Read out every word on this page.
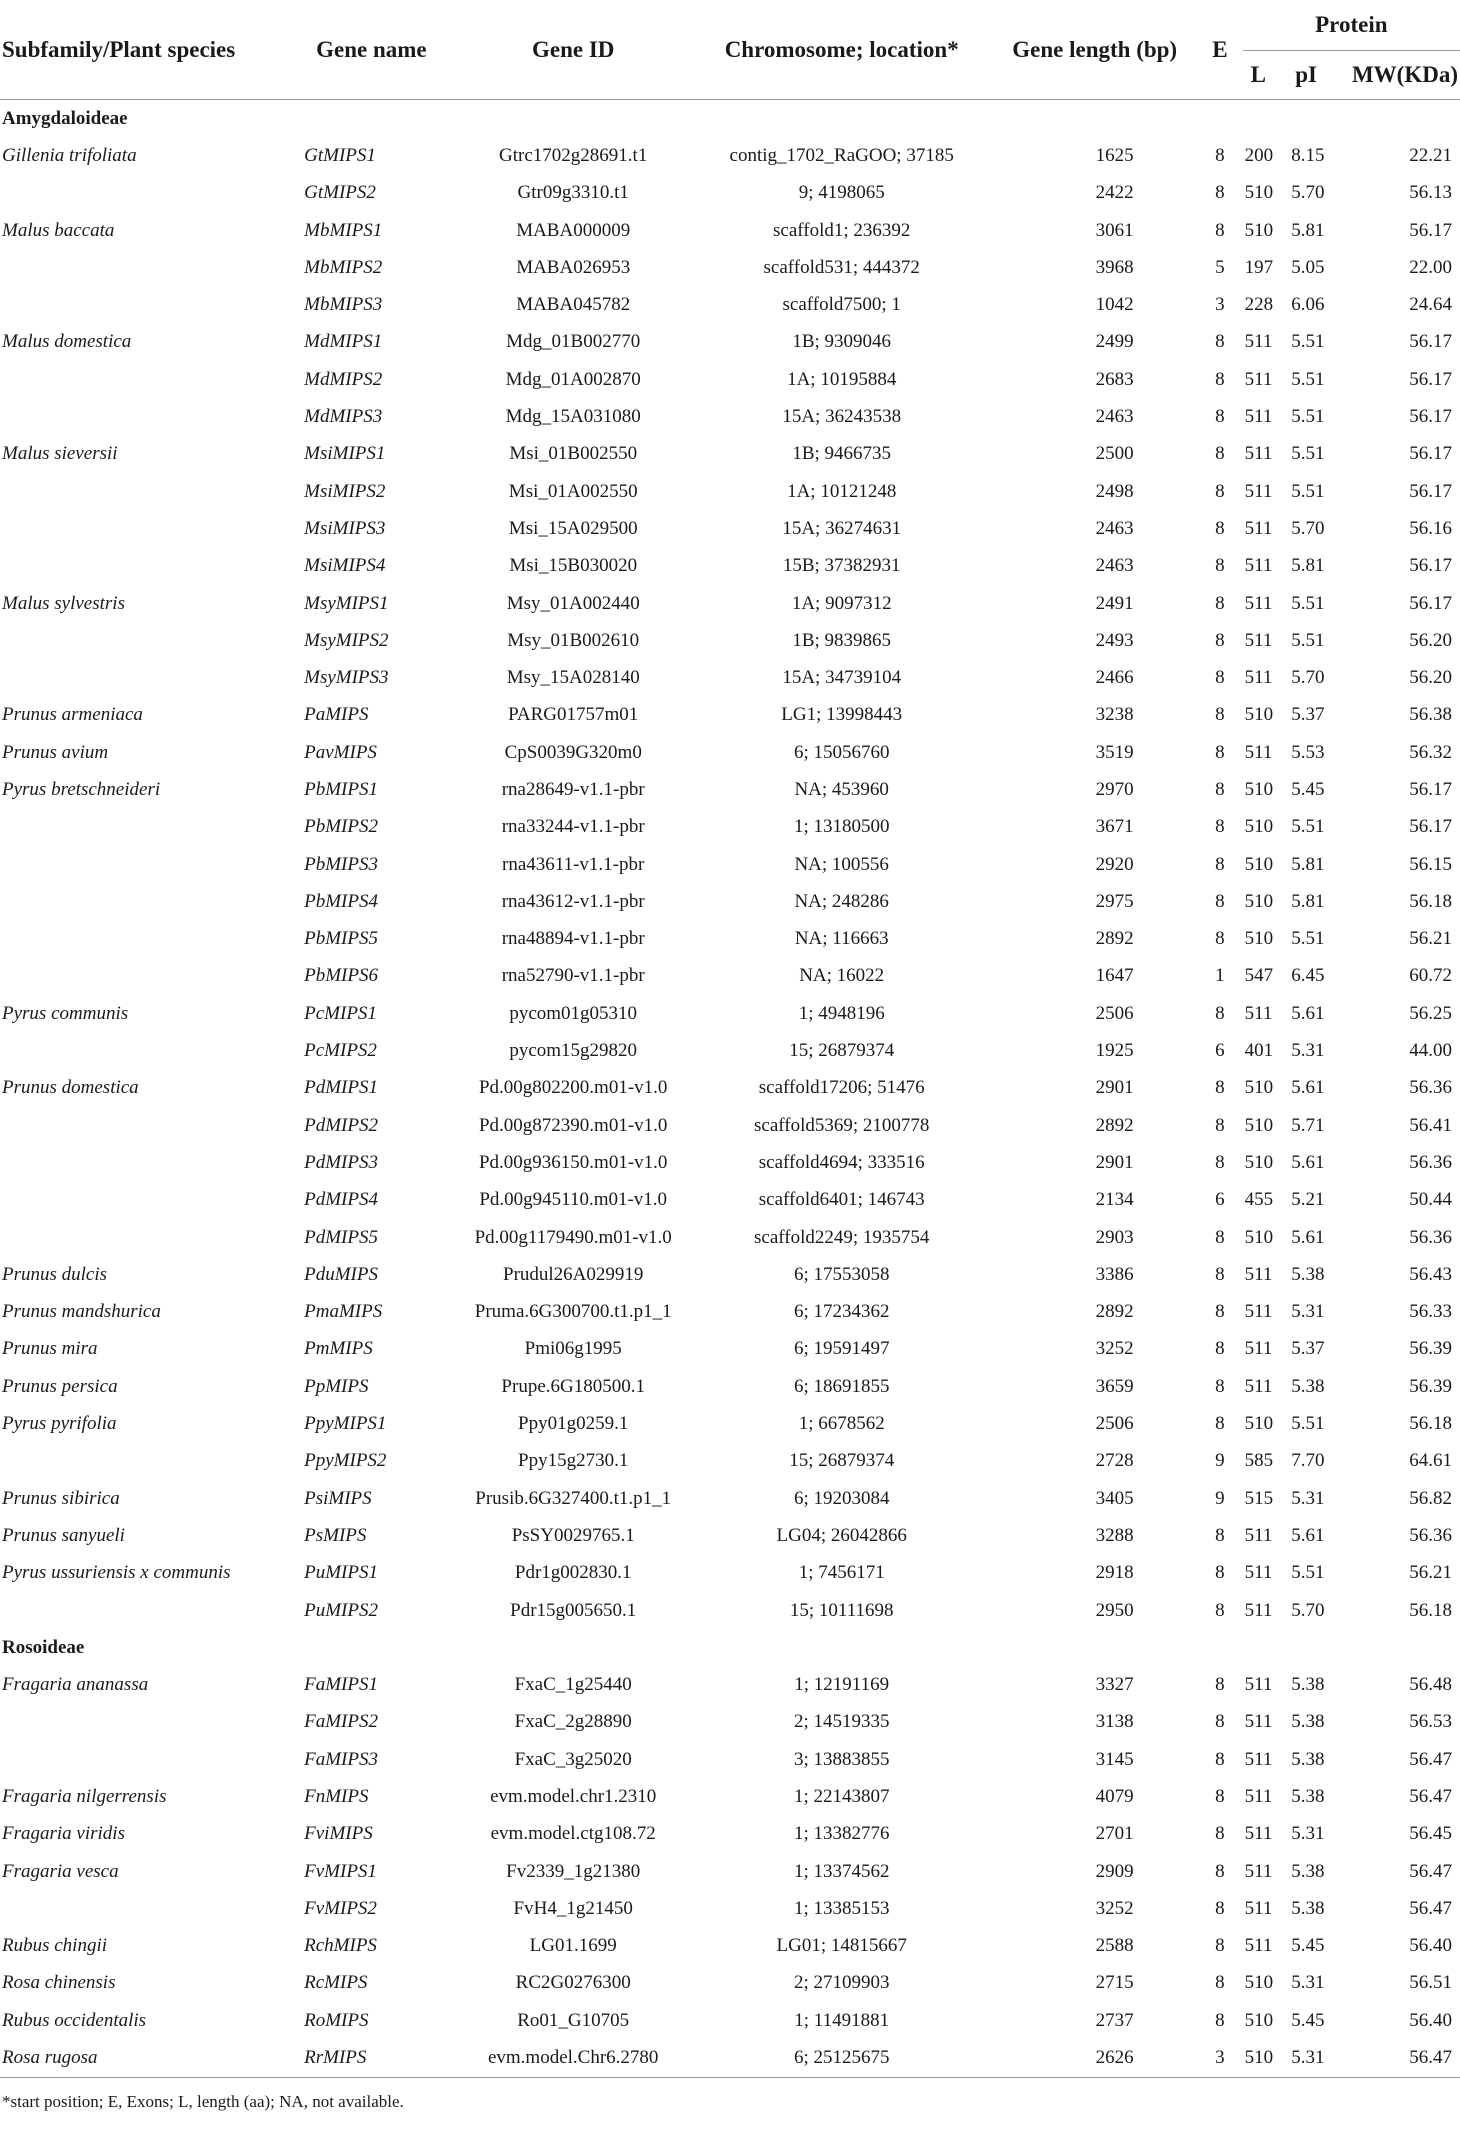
Subfamily/Plant species	Gene name	Gene ID	Chromosome; location*	Gene length (bp)	E	Protein		
						L	pI	MW(KDa)
Amygdaloideae								
Gillenia trifoliata	GtMIPS1	Gtrc1702g28691.t1	contig_1702_RaGOO; 37185	1625	8	200	8.15	22.21
	GtMIPS2	Gtr09g3310.t1	9; 4198065	2422	8	510	5.70	56.13
Malus baccata	MbMIPS1	MABA000009	scaffold1; 236392	3061	8	510	5.81	56.17
	MbMIPS2	MABA026953	scaffold531; 444372	3968	5	197	5.05	22.00
	MbMIPS3	MABA045782	scaffold7500; 1	1042	3	228	6.06	24.64
Malus domestica	MdMIPS1	Mdg_01B002770	1B; 9309046	2499	8	511	5.51	56.17
	MdMIPS2	Mdg_01A002870	1A; 10195884	2683	8	511	5.51	56.17
	MdMIPS3	Mdg_15A031080	15A; 36243538	2463	8	511	5.51	56.17
Malus sieversii	MsiMIPS1	Msi_01B002550	1B; 9466735	2500	8	511	5.51	56.17
	MsiMIPS2	Msi_01A002550	1A; 10121248	2498	8	511	5.51	56.17
	MsiMIPS3	Msi_15A029500	15A; 36274631	2463	8	511	5.70	56.16
	MsiMIPS4	Msi_15B030020	15B; 37382931	2463	8	511	5.81	56.17
Malus sylvestris	MsyMIPS1	Msy_01A002440	1A; 9097312	2491	8	511	5.51	56.17
	MsyMIPS2	Msy_01B002610	1B; 9839865	2493	8	511	5.51	56.20
	MsyMIPS3	Msy_15A028140	15A; 34739104	2466	8	511	5.70	56.20
Prunus armeniaca	PaMIPS	PARG01757m01	LG1; 13998443	3238	8	510	5.37	56.38
Prunus avium	PavMIPS	CpS0039G320m0	6; 15056760	3519	8	511	5.53	56.32
Pyrus bretschneideri	PbMIPS1	rna28649-v1.1-pbr	NA; 453960	2970	8	510	5.45	56.17
	PbMIPS2	rna33244-v1.1-pbr	1; 13180500	3671	8	510	5.51	56.17
	PbMIPS3	rna43611-v1.1-pbr	NA; 100556	2920	8	510	5.81	56.15
	PbMIPS4	rna43612-v1.1-pbr	NA; 248286	2975	8	510	5.81	56.18
	PbMIPS5	rna48894-v1.1-pbr	NA; 116663	2892	8	510	5.51	56.21
	PbMIPS6	rna52790-v1.1-pbr	NA; 16022	1647	1	547	6.45	60.72
Pyrus communis	PcMIPS1	pycom01g05310	1; 4948196	2506	8	511	5.61	56.25
	PcMIPS2	pycom15g29820	15; 26879374	1925	6	401	5.31	44.00
Prunus domestica	PdMIPS1	Pd.00g802200.m01-v1.0	scaffold17206; 51476	2901	8	510	5.61	56.36
	PdMIPS2	Pd.00g872390.m01-v1.0	scaffold5369; 2100778	2892	8	510	5.71	56.41
	PdMIPS3	Pd.00g936150.m01-v1.0	scaffold4694; 333516	2901	8	510	5.61	56.36
	PdMIPS4	Pd.00g945110.m01-v1.0	scaffold6401; 146743	2134	6	455	5.21	50.44
	PdMIPS5	Pd.00g1179490.m01-v1.0	scaffold2249; 1935754	2903	8	510	5.61	56.36
Prunus dulcis	PduMIPS	Prudul26A029919	6; 17553058	3386	8	511	5.38	56.43
Prunus mandshurica	PmaMIPS	Pruma.6G300700.t1.p1_1	6; 17234362	2892	8	511	5.31	56.33
Prunus mira	PmMIPS	Pmi06g1995	6; 19591497	3252	8	511	5.37	56.39
Prunus persica	PpMIPS	Prupe.6G180500.1	6; 18691855	3659	8	511	5.38	56.39
Pyrus pyrifolia	PpyMIPS1	Ppy01g0259.1	1; 6678562	2506	8	510	5.51	56.18
	PpyMIPS2	Ppy15g2730.1	15; 26879374	2728	9	585	7.70	64.61
Prunus sibirica	PsiMIPS	Prusib.6G327400.t1.p1_1	6; 19203084	3405	9	515	5.31	56.82
Prunus sanyueli	PsMIPS	PsSY0029765.1	LG04; 26042866	3288	8	511	5.61	56.36
Pyrus ussuriensis x communis	PuMIPS1	Pdr1g002830.1	1; 7456171	2918	8	511	5.51	56.21
	PuMIPS2	Pdr15g005650.1	15; 10111698	2950	8	511	5.70	56.18
Rosoideae								
Fragaria ananassa	FaMIPS1	FxaC_1g25440	1; 12191169	3327	8	511	5.38	56.48
	FaMIPS2	FxaC_2g28890	2; 14519335	3138	8	511	5.38	56.53
	FaMIPS3	FxaC_3g25020	3; 13883855	3145	8	511	5.38	56.47
Fragaria nilgerrensis	FnMIPS	evm.model.chr1.2310	1; 22143807	4079	8	511	5.38	56.47
Fragaria viridis	FviMIPS	evm.model.ctg108.72	1; 13382776	2701	8	511	5.31	56.45
Fragaria vesca	FvMIPS1	Fv2339_1g21380	1; 13374562	2909	8	511	5.38	56.47
	FvMIPS2	FvH4_1g21450	1; 13385153	3252	8	511	5.38	56.47
Rubus chingii	RchMIPS	LG01.1699	LG01; 14815667	2588	8	511	5.45	56.40
Rosa chinensis	RcMIPS	RC2G0276300	2; 27109903	2715	8	510	5.31	56.51
Rubus occidentalis	RoMIPS	Ro01_G10705	1; 11491881	2737	8	510	5.45	56.40
Rosa rugosa	RrMIPS	evm.model.Chr6.2780	6; 25125675	2626	3	510	5.31	56.47
*start position; E, Exons; L, length (aa); NA, not available.
